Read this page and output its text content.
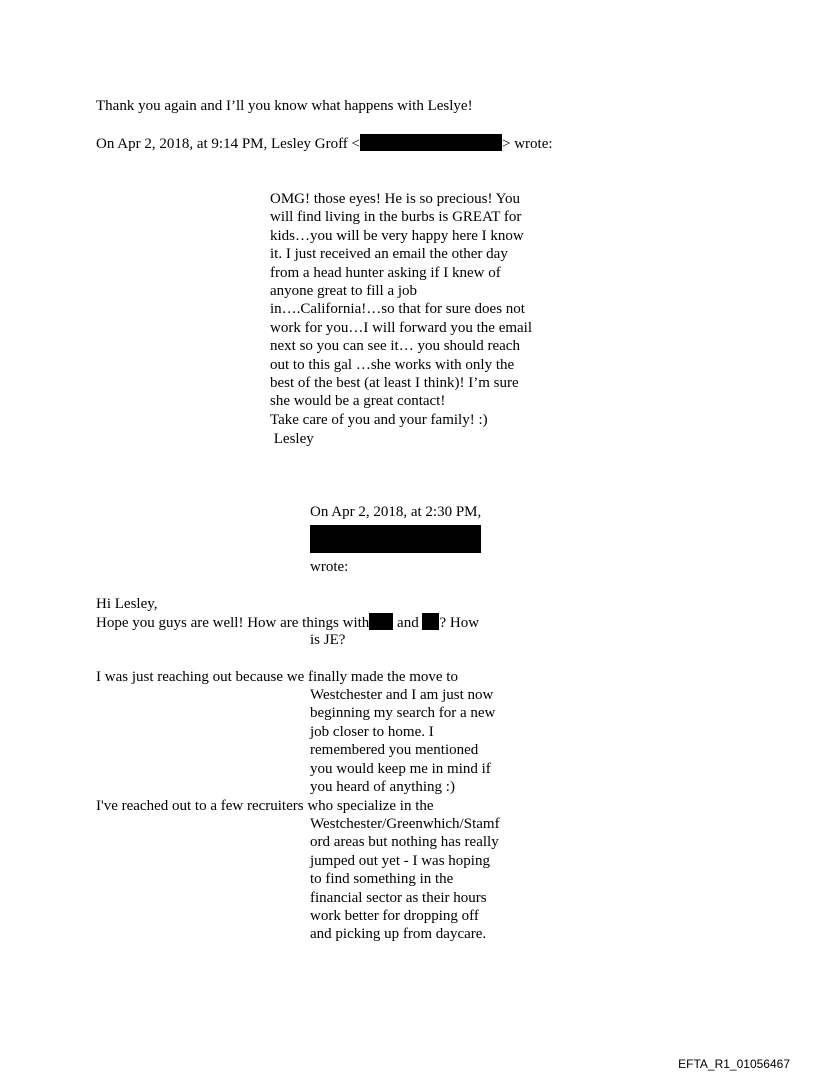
Thank you again and I’ll you know what happens with Leslye!
On Apr 2, 2018, at 9:14 PM, Lesley Groff <	> wrote:
OMG! those eyes! He is so precious! You
will find living in the burbs is GREAT for
kids…you will be very happy here I know
it. I just received an email the other day
from a head hunter asking if I knew of
anyone great to fill a job
in….California!…so that for sure does not
work for you…I will forward you the email
next so you can see it… you should reach
out to this gal …she works with only the
best of the best (at least I think)! I’m sure
she would be a great contact!
Take care of you and your family! :)
Lesley
On Apr 2, 2018, at 2:30 PM,
wrote:
Hi Lesley,
Hope you guys are well! How are things with and ? How
is JE?
I was just reaching out because we finally made the move to
Westchester and I am just now
beginning my search for a new
job closer to home. I
remembered you mentioned
you would keep me in mind if
you heard of anything :)
I've reached out to a few recruiters who specialize in the
Westchester/Greenwhich/Stamf
ord areas but nothing has really
jumped out yet - I was hoping
to find something in the
financial sector as their hours
work better for dropping off
and picking up from daycare.
EFTA_R1_01056467
